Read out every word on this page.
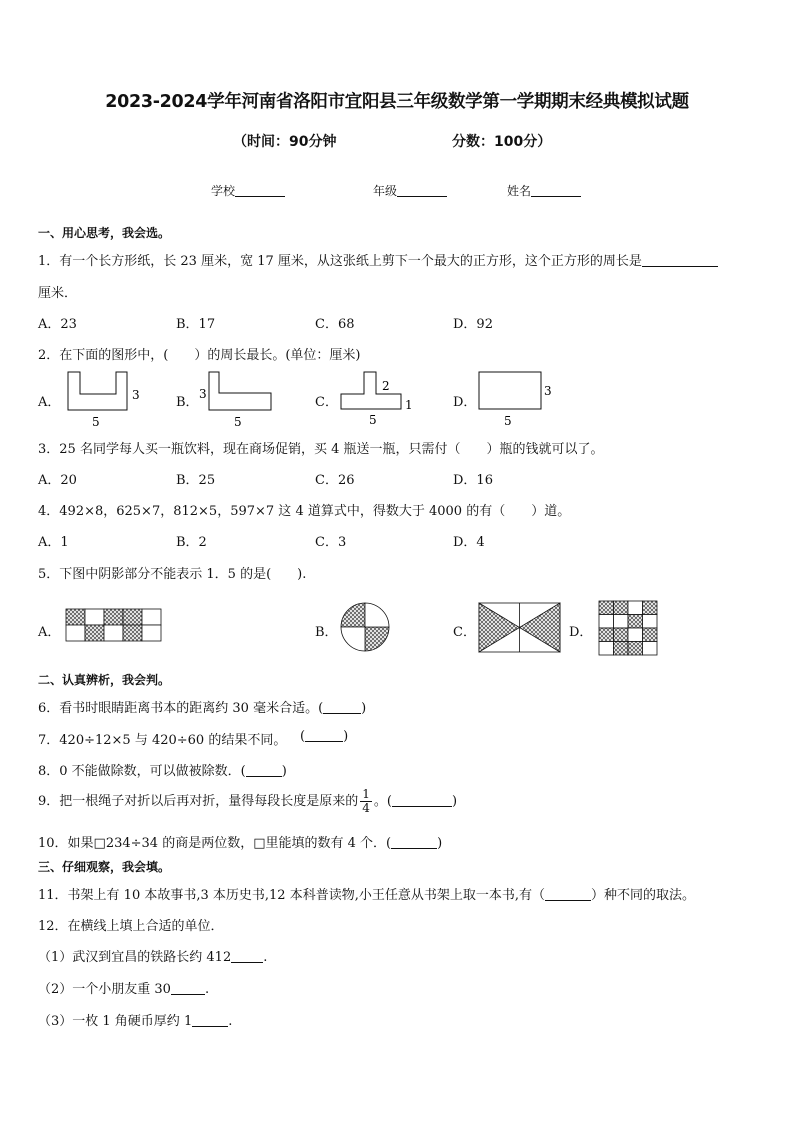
2023-2024学年河南省洛阳市宜阳县三年级数学第一学期期末经典模拟试题
（时间：90分钟	分数：100分）
学校	年级	姓名
一、用心思考，我会选。
1．有一个长方形纸，长 23 厘米，宽 17 厘米，从这张纸上剪下一个最大的正方形，这个正方形的周长是
厘米．
A．23	B．17	C．68	D．92
2．在下面的图形中，(　　）的周长最长。(单位：厘米)
A．	B．	C．	D．
3
5
3
5
2
1
5
3
5
3．25 名同学每人买一瓶饮料，现在商场促销，买 4 瓶送一瓶，只需付（　　）瓶的钱就可以了。
A．20	B．25	C．26	D．16
4．492×8，625×7，812×5，597×7 这 4 道算式中，得数大于 4000 的有（　　）道。
A．1	B．2	C．3	D．4
5．下图中阴影部分不能表示 1．5 的是(　　).
A．	B．	C．	D．
二、认真辨析，我会判。
6．看书时眼睛距离书本的距离约 30 毫米合适。(	)
7．420÷12×5 与 420÷60 的结果不同。 (	)
8．0 不能做除数，可以做被除数．(	)
9．把一根绳子对折以后再对折，量得每段长度是原来的 $\frac{1}{4}$ 。(	)
10．如果□234÷34 的商是两位数，□里能填的数有 4 个．(	)
三、仔细观察，我会填。
11．书架上有 10 本故事书,3 本历史书,12 本科普读物,小王任意从书架上取一本书,有（	）种不同的取法。
12．在横线上填上合适的单位．
（1）武汉到宜昌的铁路长约 412 .
（2）一个小朋友重 30	.
（3）一枚 1 角硬币厚约 1	.
